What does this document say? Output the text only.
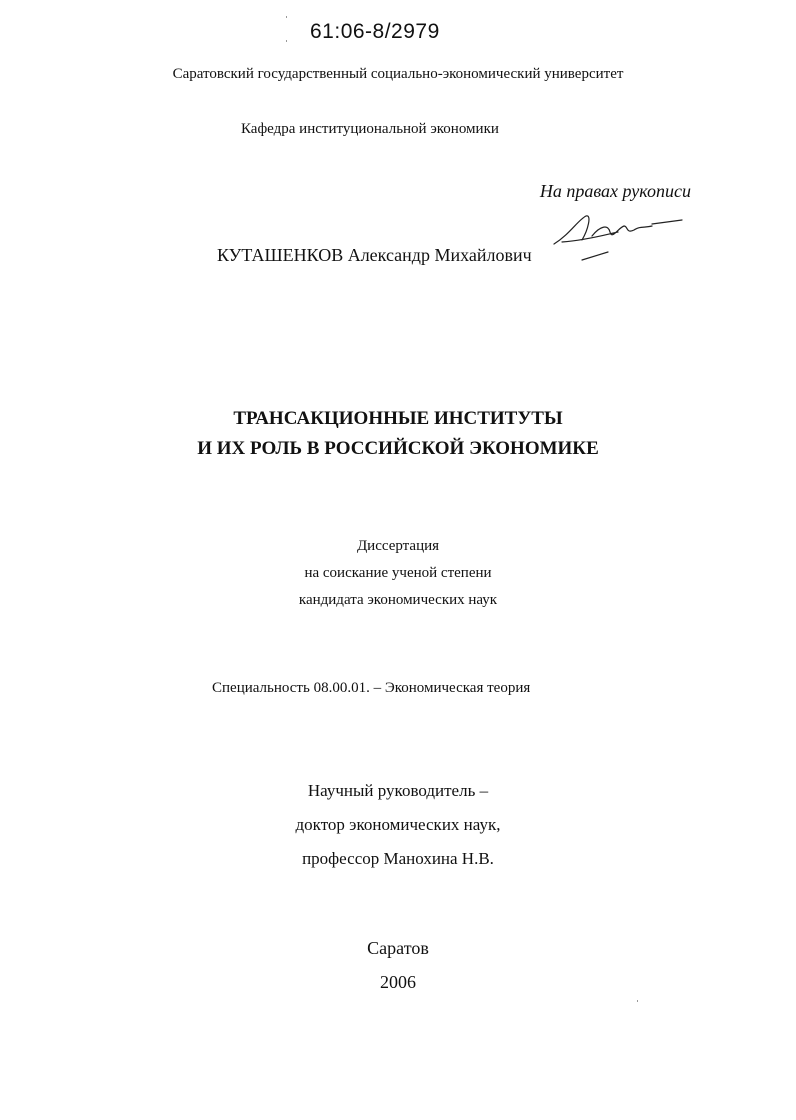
61:06-8/2979
Саратовский государственный социально-экономический университет
Кафедра институциональной экономики
На правах рукописи
КУТАШЕНКОВ Александр Михайлович
ТРАНСАКЦИОННЫЕ ИНСТИТУТЫ
И ИХ РОЛЬ В РОССИЙСКОЙ ЭКОНОМИКЕ
Диссертация
на соискание ученой степени
кандидата экономических наук
Специальность 08.00.01. – Экономическая теория
Научный руководитель –
доктор экономических наук,
профессор Манохина Н.В.
Саратов
2006
